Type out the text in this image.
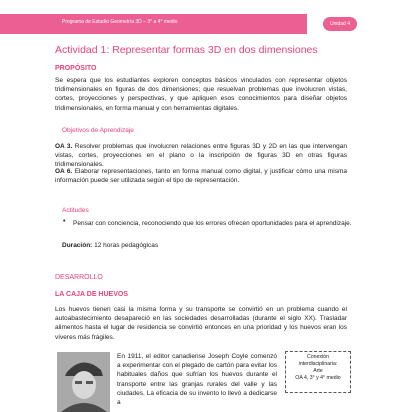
Programa de Estudio Geometría 3D – 3° a 4° medio	Unidad 4
Actividad 1: Representar formas 3D en dos dimensiones
PROPÓSITO
Se espera que los estudiantes exploren conceptos básicos vinculados con representar objetos tridimensionales en figuras de dos dimensiones; que resuelvan problemas que involucren vistas, cortes, proyecciones y perspectivas, y que apliquen esos conocimientos para diseñar objetos tridimensionales, en forma manual y con herramientas digitales.
Objetivos de Aprendizaje
OA 3. Resolver problemas que involucren relaciones entre figuras 3D y 2D en las que intervengan vistas, cortes, proyecciones en el plano o la inscripción de figuras 3D en otras figuras tridimensionales.
OA 6. Elaborar representaciones, tanto en forma manual como digital, y justificar cómo una misma información puede ser utilizada según el tipo de representación.
Actitudes
• Pensar con conciencia, reconociendo que los errores ofrecen oportunidades para el aprendizaje.
Duración: 12 horas pedagógicas
DESARROLLO
LA CAJA DE HUEVOS
Los huevos tienen casi la misma forma y su transporte se convirtió en un problema cuando el autoabastecimiento desapareció en las sociedades desarrolladas (durante el siglo XX). Trasladar alimentos hasta el lugar de residencia se convirtió entonces en una prioridad y los huevos eran los víveres más frágiles.
En 1911, el editor canadiense Joseph Coyle comenzó a experimentar con el plegado de cartón para evitar los habituales daños que sufrían los huevos durante el transporte entre las granjas rurales del valle y las ciudades. La eficacia de su invento lo llevó a dedicarse a
Conexión
interdisciplinaria:
Arte
OA 4, 3° y 4° medio
